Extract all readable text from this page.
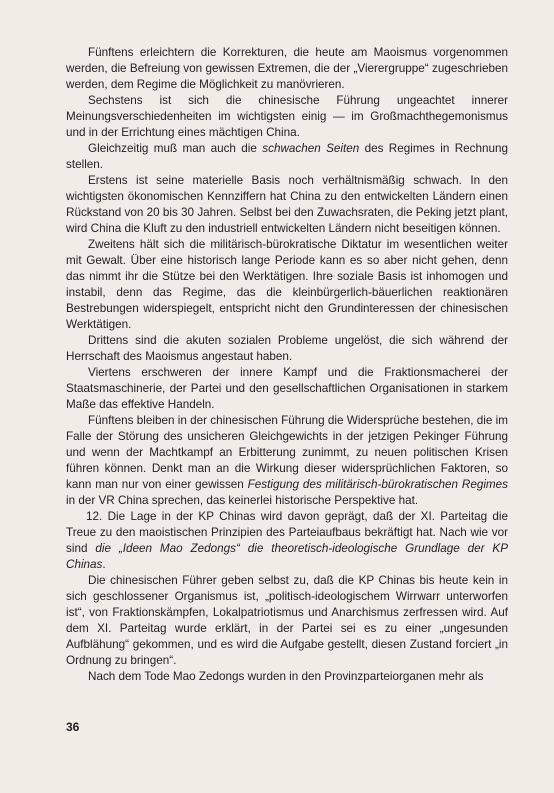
Fünftens erleichtern die Korrekturen, die heute am Maoismus vorgenommen werden, die Befreiung von gewissen Extremen, die der „Vierergruppe“ zugeschrieben werden, dem Regime die Möglichkeit zu manövrieren.

Sechstens ist sich die chinesische Führung ungeachtet innerer Meinungsverschiedenheiten im wichtigsten einig — im Großmachthegemonismus und in der Errichtung eines mächtigen China.

Gleichzeitig muß man auch die schwachen Seiten des Regimes in Rechnung stellen.

Erstens ist seine materielle Basis noch verhältnismäßig schwach. In den wichtigsten ökonomischen Kennziffern hat China zu den entwickelten Ländern einen Rückstand von 20 bis 30 Jahren. Selbst bei den Zuwachsraten, die Peking jetzt plant, wird China die Kluft zu den industriell entwickelten Ländern nicht beseitigen können.

Zweitens hält sich die militärisch-bürokratische Diktatur im wesentlichen weiter mit Gewalt. Über eine historisch lange Periode kann es so aber nicht gehen, denn das nimmt ihr die Stütze bei den Werktätigen. Ihre soziale Basis ist inhomogen und instabil, denn das Regime, das die kleinbürgerlich-bäuerlichen reaktionären Bestrebungen widerspiegelt, entspricht nicht den Grundinteressen der chinesischen Werktätigen.

Drittens sind die akuten sozialen Probleme ungelöst, die sich während der Herrschaft des Maoismus angestaut haben.

Viertens erschweren der innere Kampf und die Fraktionsmacherei der Staatsmaschinerie, der Partei und den gesellschaftlichen Organisationen in starkem Maße das effektive Handeln.

Fünftens bleiben in der chinesischen Führung die Widersprüche bestehen, die im Falle der Störung des unsicheren Gleichgewichts in der jetzigen Pekinger Führung und wenn der Machtkampf an Erbitterung zunimmt, zu neuen politischen Krisen führen können. Denkt man an die Wirkung dieser widersprüchlichen Faktoren, so kann man nur von einer gewissen Festigung des militärisch-bürokratischen Regimes in der VR China sprechen, das keinerlei historische Perspektive hat.

12. Die Lage in der KP Chinas wird davon geprägt, daß der XI. Parteitag die Treue zu den maoistischen Prinzipien des Parteiaufbaus bekräftigt hat. Nach wie vor sind die „Ideen Mao Zedongs“ die theoretisch-ideologische Grundlage der KP Chinas.

Die chinesischen Führer geben selbst zu, daß die KP Chinas bis heute kein in sich geschlossener Organismus ist, „politisch-ideologischem Wirrwarr unterworfen ist“, von Fraktionskämpfen, Lokalpatriotismus und Anarchismus zerfressen wird. Auf dem XI. Parteitag wurde erklärt, in der Partei sei es zu einer „ungesunden Aufblähung“ gekommen, und es wird die Aufgabe gestellt, diesen Zustand forciert „in Ordnung zu bringen“.

Nach dem Tode Mao Zedongs wurden in den Provinzparteiorganen mehr als

36
